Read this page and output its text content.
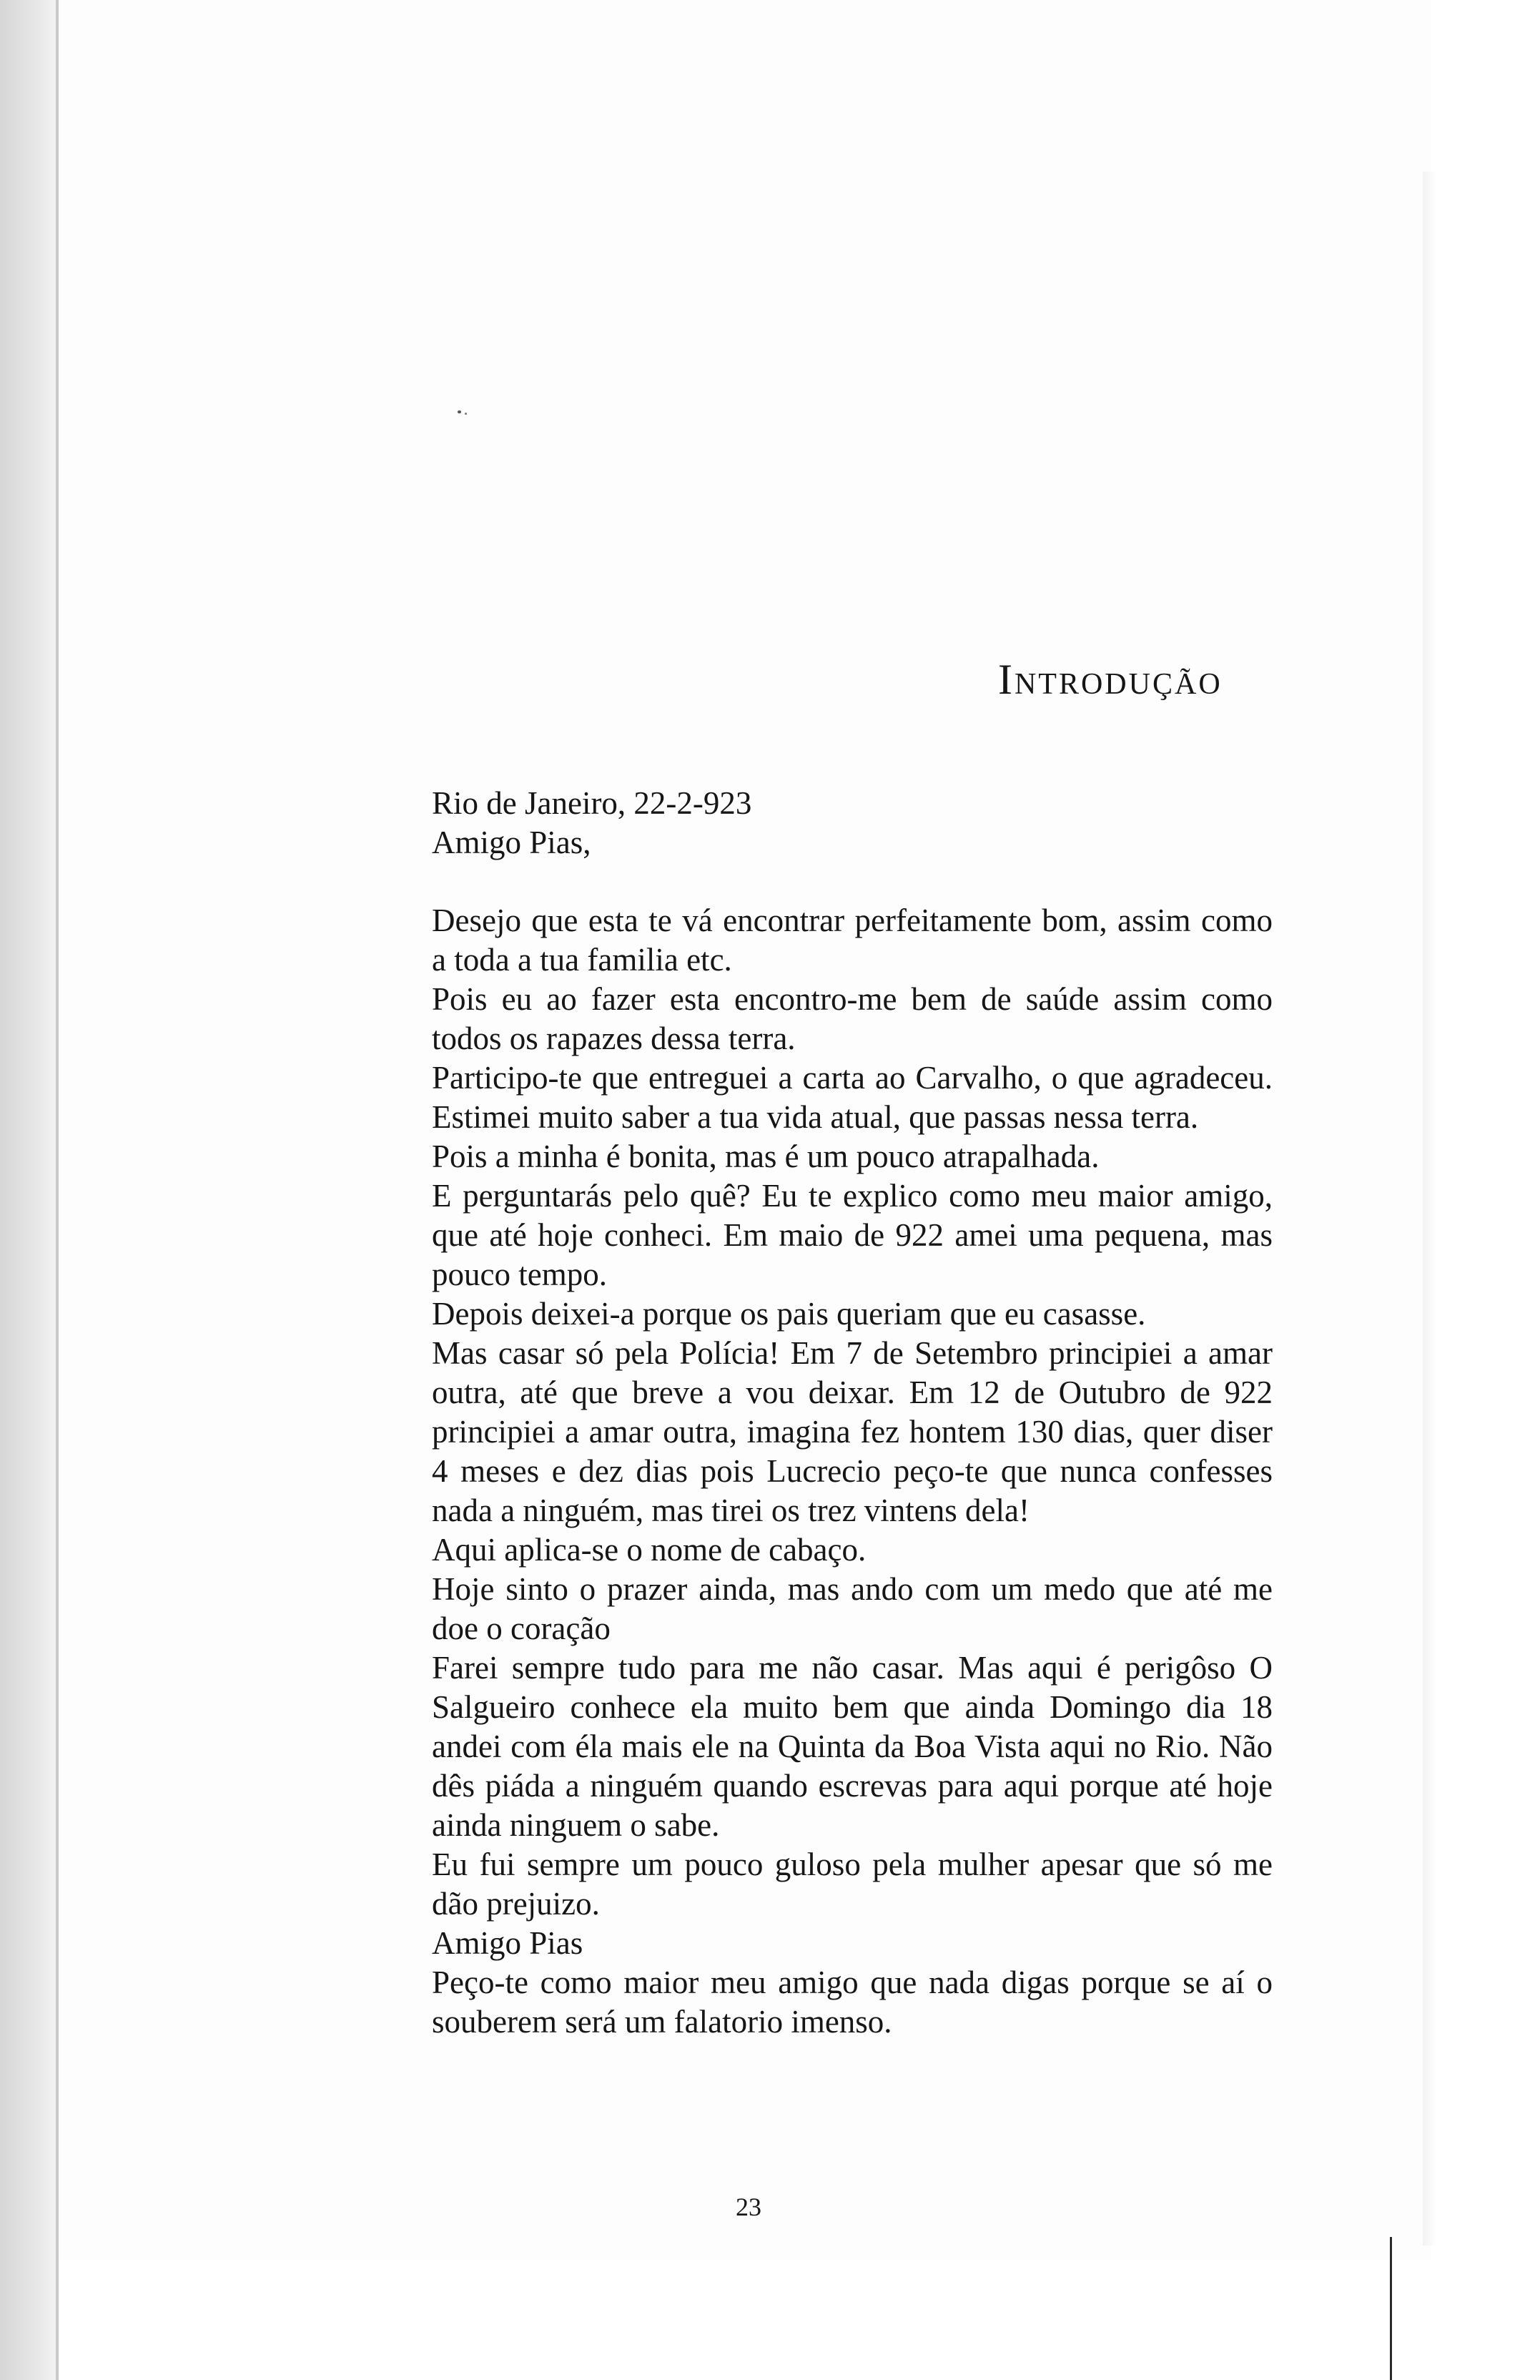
Introdução

Rio de Janeiro, 22-2-923

Amigo Pias,

Desejo que esta te vá encontrar perfeitamente bom, assim como a toda a tua familia etc.

Pois eu ao fazer esta encontro-me bem de saúde assim como todos os rapazes dessa terra.

Participo-te que entreguei a carta ao Carvalho, o que agradeceu. Estimei muito saber a tua vida atual, que passas nessa terra.

Pois a minha é bonita, mas é um pouco atrapalhada.

E perguntarás pelo quê? Eu te explico como meu maior amigo, que até hoje conheci. Em maio de 922 amei uma pequena, mas pouco tempo.

Depois deixei-a porque os pais queriam que eu casasse.

Mas casar só pela Polícia! Em 7 de Setembro principiei a amar outra, até que breve a vou deixar. Em 12 de Outubro de 922 principiei a amar outra, imagina fez hontem 130 dias, quer diser 4 meses e dez dias pois Lucrecio peço-te que nunca confesses nada a ninguém, mas tirei os trez vintens dela!

Aqui aplica-se o nome de cabaço.

Hoje sinto o prazer ainda, mas ando com um medo que até me doe o coração

Farei sempre tudo para me não casar. Mas aqui é perigôso O Salgueiro conhece ela muito bem que ainda Domingo dia 18 andei com éla mais ele na Quinta da Boa Vista aqui no Rio. Não dês piáda a ninguém quando escrevas para aqui porque até hoje ainda ninguem o sabe.

Eu fui sempre um pouco guloso pela mulher apesar que só me dão prejuizo.

Amigo Pias

Peço-te como maior meu amigo que nada digas porque se aí o souberem será um falatorio imenso.

23
